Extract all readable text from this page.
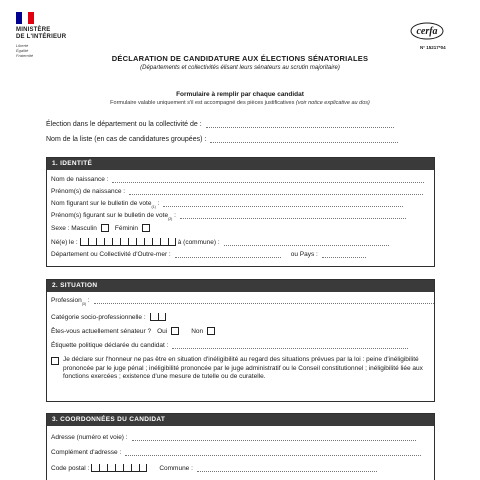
MINISTÈRE
DE L'INTÉRIEUR
Liberté
Égalité
Fraternité
cerfa
N° 15217*04
DÉCLARATION DE CANDIDATURE AUX ÉLECTIONS SÉNATORIALES
(Départements et collectivités élisant leurs sénateurs au scrutin majoritaire)
Formulaire à remplir par chaque candidat
Formulaire valable uniquement s'il est accompagné des pièces justificatives (voir notice explicative au dos)
Élection dans le département ou la collectivité de :
Nom de la liste (en cas de candidatures groupées) :
1. IDENTITÉ
Nom de naissance :
Prénom(s) de naissance :
Nom figurant sur le bulletin de vote (1) :
Prénom(s) figurant sur le bulletin de vote (2) :
Sexe : Masculin	Féminin
Né(e) le :	à (commune) :
Département ou Collectivité d'Outre-mer :	ou Pays :
2. SITUATION
Profession (3) :
Catégorie socio-professionnelle :
Êtes-vous actuellement sénateur ? Oui	Non
Étiquette politique déclarée du candidat :
Je déclare sur l'honneur ne pas être en situation d'inéligibilité au regard des situations prévues par la loi : peine d'inéligibilité prononcée par le juge pénal ; inéligibilité prononcée par le juge administratif ou le Conseil constitutionnel ; inéligibilité liée aux fonctions exercées ; existence d'une mesure de tutelle ou de curatelle.
3. COORDONNÉES DU CANDIDAT
Adresse (numéro et voie) :
Complément d'adresse :
Code postal :	Commune :
